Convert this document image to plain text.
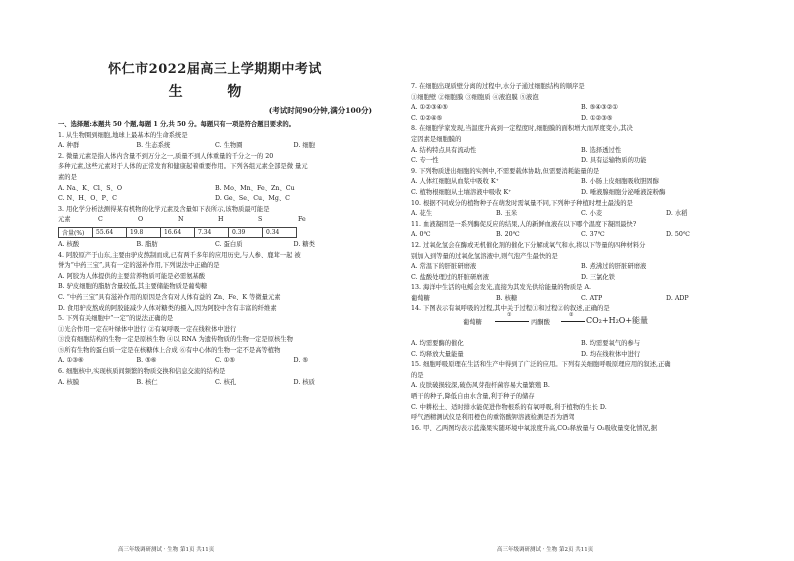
怀仁市2022届高三上学期期中考试
生 物
(考试时间90分钟,满分100分)
一、选择题:本题共 50 个题,每题 1 分,共 50 分。每题只有一项是符合题目要求的。
1. 从生物圈到细胞,地球上最基本的生命系统是
A. 种群	B. 生态系统	C. 生物圈	D. 细胞
2. 微量元素是指人体内含量不到万分之一,质量不到人体重量的千分之一的 20
多种元素,这些元素对于人体的正常发育和健康起着重要作用。下列各组元素全部是微 量元
素的是
A. Na、K、Cl、S、O	B. Mo、Mn、Fe、Zn、Cu
C. N、H、O、P、C	D. Ge、Se、Cu、Mg、C
3. 用化学分析法测得某有机物的化学元素及含量如下表所示,该物质最可能是
元素	C	O	N	H	S	Fe
含量(%)	55.64	19.8	16.64	7.34	0.39	0.34
A. 核酸	B. 脂肪	C. 蛋白质	D. 糖类
4. 阿胶原产于山东,主要由驴皮熬制而成,已有两千多年的应用历史,与人参、鹿茸一起 被
誉为“中药三宝”,具有一定的滋补作用,下列说法中正确的是
A. 阿胶为人体提供的主要营养物质可能是必需氨基酸
B. 驴皮细胞的脂肪含量较低,其主要储能物质是葡萄糖
C. “中药三宝”具有滋补作用的原因是含有对人体有益的 Zn、Fe、K 等微量元素
D. 食用驴皮熬成的阿胶能减少人体对糖类的摄入,因为阿胶中含有丰富的纤维素
5. 下列有关细胞中“一定”的说法正确的是
①光合作用一定在叶绿体中进行 ②有氧呼吸一定在线粒体中进行
③没有细胞结构的生物一定是原核生物 ④以 RNA 为遗传物质的生物一定是原核生物
⑤所有生物的蛋白质一定是在核糖体上合成 ⑥有中心体的生物一定不是高等植物
A. ①③⑥	B. ⑤⑥	C. ①⑤	D. ⑤
6. 细胞核中,实现核质间频繁的物质交换和信息交流的结构是
A. 核膜	B. 核仁	C. 核孔	D. 核质
高三年级调研测试 · 生物 第1页 共11页
7. 在细胞出现质壁分离的过程中,水分子通过细胞结构的顺序是
①细胞壁 ②细胞膜 ③细胞质 ④液泡膜 ⑤液泡
A. ①②③④⑤	B. ⑤④③②①
C. ①②④⑤	D. ①②③⑤
8. 在细胞学家发现,当温度升高到一定程度时,细胞膜的面积增大而厚度变小,其决
定因素是细胞膜的
A. 结构特点具有流动性	B. 选择透过性
C. 专一性	D. 具有运输物质的功能
9. 下列物质进出细胞的实例中,不需要载体协助,但需要消耗能量的是
A. 人体红细胞从血浆中吸收 K⁺	B. 小肠上皮细胞吸收胆固醇
C. 植物根细胞从土壤溶液中吸收 K⁺	D. 唾液腺细胞分泌唾液淀粉酶
10. 根据不同成分的植物种子在萌发时需氧量不同,下列种子种植时埋土最浅的是
A. 花生	B. 玉米	C. 小麦	D. 水稻
11. 血液凝固是一系列酶促反应的结果,人的新鲜血液在以下哪个温度下凝固最快?
A. 0℃	B. 20℃	C. 37℃	D. 50℃
12. 过氧化氢会在酶或无机催化剂的催化下分解成氧气和水,将以下等量的四种材料分
别加入到等量的过氧化氢溶液中,则气泡产生最快的是
A. 常温下的肝脏研磨液	B. 煮沸过的肝脏研磨液
C. 盐酸处理过的肝脏研磨液	D. 三氯化铁
13. 海洋中生活的电鳐会发光,直接为其发光供给能量的物质是 A.
葡萄糖	B. 核糖	C. ATP	D. ADP
14. 下图表示有氧呼吸的过程,其中关于过程①和过程②的叙述,正确的是
葡萄糖
①
丙酮酸
②
CO₂+H₂O+能量
A. 均需要酶的催化	B. 均需要氧气的参与
C. 均释放大量能量	D. 均在线粒体中进行
15. 细胞呼吸原理在生活和生产中得到了广泛的应用。下列有关细胞呼吸原理应用的叙述,正确
的是
A. 皮肤破损较深,破伤风芽孢杆菌容易大量繁殖 B.
晒干的种子,降低自由水含量,利于种子的储存
C. 中耕松土、适时排水能促进作物根系的有氧呼吸,利于植物的生长 D.
呼气酒精测试仪是利用橙色的重铬酸钾溶液检测是否为酒驾
16. 甲、乙两图均表示蓝藻果实随环境中氧浓度升高,CO₂释放量与 O₂吸收量变化情况,据
高三年级调研测试 · 生物 第2页 共11页
